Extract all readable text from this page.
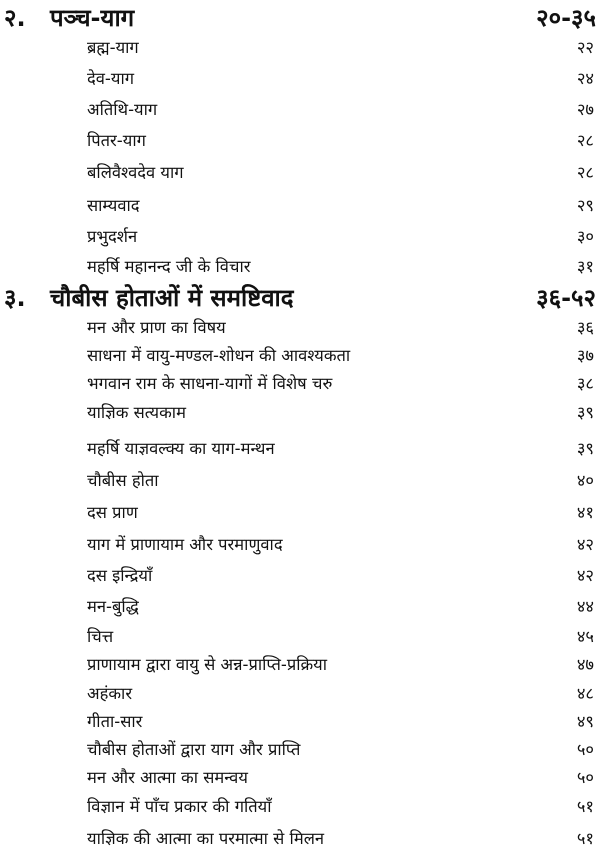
२. पञ्च-याग	२०-३५
ब्रह्म-याग	२२
देव-याग	२४
अतिथि-याग	२७
पितर-याग	२८
बलिवैश्वदेव याग	२८
साम्यवाद	२९
प्रभुदर्शन	३०
महर्षि महानन्द जी के विचार	३१
३. चौबीस होताओं में समष्टिवाद	३६-५२
मन और प्राण का विषय	३६
साधना में वायु-मण्डल-शोधन की आवश्यकता	३७
भगवान राम के साधना-यागों में विशेष चरु	३८
याज्ञिक सत्यकाम	३९
महर्षि याज्ञवल्क्य का याग-मन्थन	३९
चौबीस होता	४०
दस प्राण	४१
याग में प्राणायाम और परमाणुवाद	४२
दस इन्द्रियाँ	४२
मन-बुद्धि	४४
चित्त	४५
प्राणायाम द्वारा वायु से अन्न-प्राप्ति-प्रक्रिया	४७
अहंकार	४८
गीता-सार	४९
चौबीस होताओं द्वारा याग और प्राप्ति	५०
मन और आत्मा का समन्वय	५०
विज्ञान में पाँच प्रकार की गतियाँ	५१
याज्ञिक की आत्मा का परमात्मा से मिलन	५१
